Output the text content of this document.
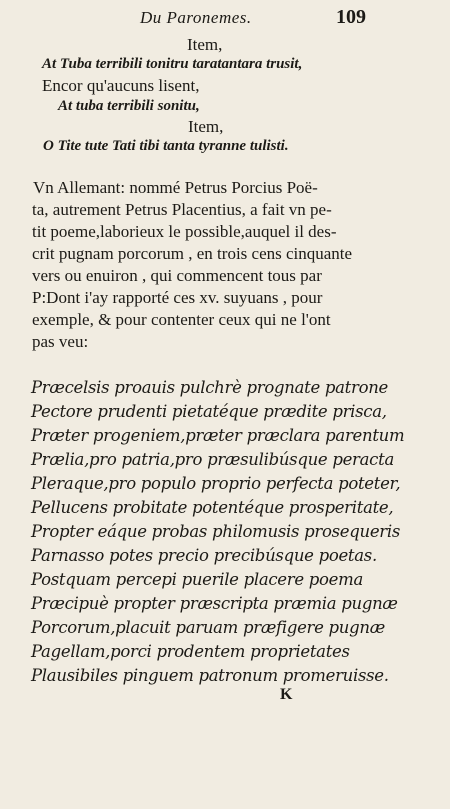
Du Paronemes.	109
Item,
At Tuba terribili tonitru taratantara trusit,
Encor qu'aucuns lisent,
At tuba terribili sonitu,
Item,
O Tite tute Tati tibi tanta tyranne tulisti.
Vn Allemant: nommé Petrus Porcius Poë-
ta, autrement Petrus Placentius, a fait vn pe-
tit poeme,laborieux le possible,auquel il des-
crit pugnam porcorum , en trois cens cinquante
vers ou enuiron , qui commencent tous par
P:Dont i'ay rapporté ces xv. suyuans , pour
exemple, & pour contenter ceux qui ne l'ont
pas veu:
Præcelsis proauis pulchrè prognate patrone
Pectore prudenti pietatéque prædite prisca,
Præter progeniem,præter præclara parentum
Prælia,pro patria,pro præsulibúsque peracta
Pleraque,pro populo proprio perfecta poteter,
Pellucens probitate potentéque prosperitate,
Propter eáque probas philomusis prosequeris
Parnasso potes precio precibúsque poetas.
Postquam percepi puerile placere poema
Præcipuè propter præscripta præmia pugnæ
Porcorum,placuit paruam præfigere pugnæ
Pagellam,porci prodentem proprietates
Plausibiles pinguem patronum promeruisse.
K
